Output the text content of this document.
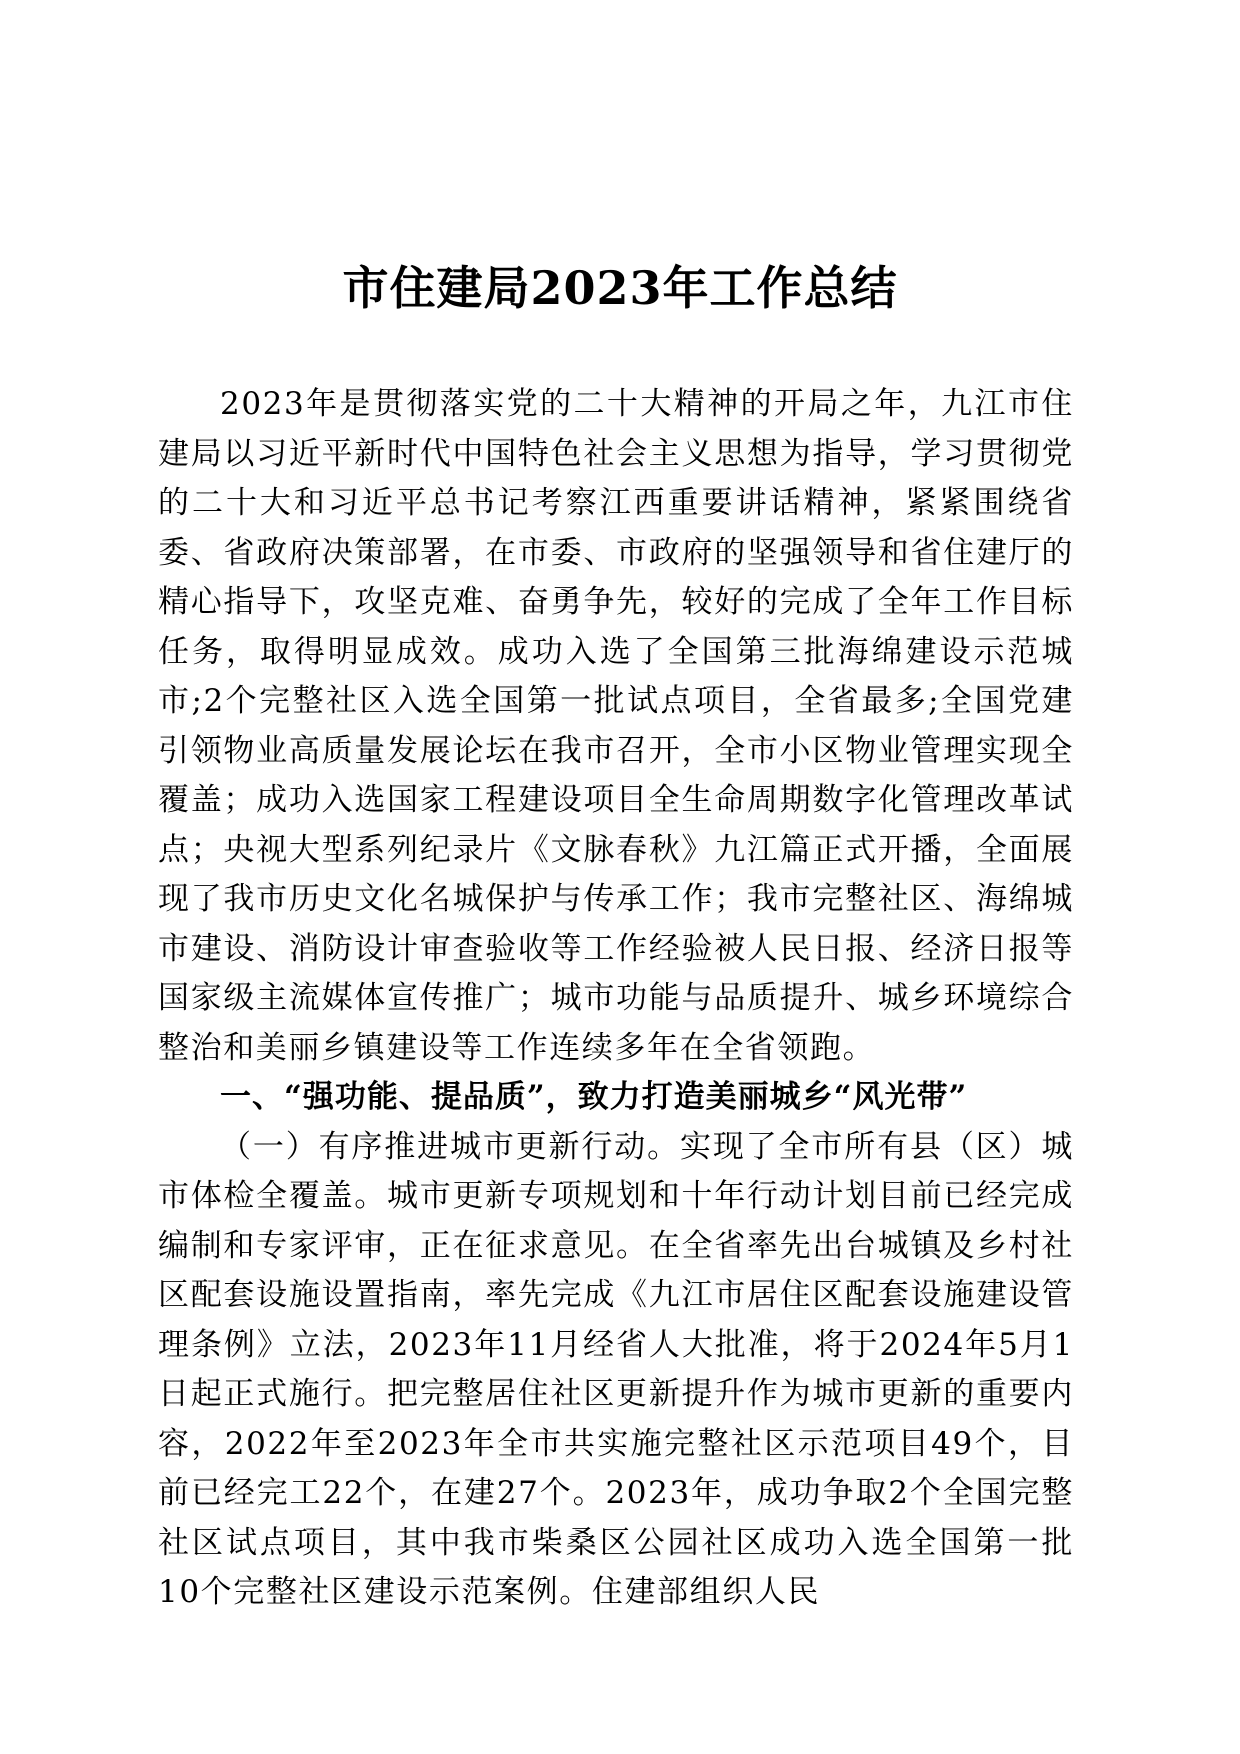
市住建局2023年工作总结

2023年是贯彻落实党的二十大精神的开局之年，九江市住建局以习近平新时代中国特色社会主义思想为指导，学习贯彻党的二十大和习近平总书记考察江西重要讲话精神，紧紧围绕省委、省政府决策部署，在市委、市政府的坚强领导和省住建厅的精心指导下，攻坚克难、奋勇争先，较好的完成了全年工作目标任务，取得明显成效。成功入选了全国第三批海绵建设示范城市;2个完整社区入选全国第一批试点项目，全省最多;全国党建引领物业高质量发展论坛在我市召开，全市小区物业管理实现全覆盖；成功入选国家工程建设项目全生命周期数字化管理改革试点；央视大型系列纪录片《文脉春秋》九江篇正式开播，全面展现了我市历史文化名城保护与传承工作；我市完整社区、海绵城市建设、消防设计审查验收等工作经验被人民日报、经济日报等国家级主流媒体宣传推广；城市功能与品质提升、城乡环境综合整治和美丽乡镇建设等工作连续多年在全省领跑。

一、“强功能、提品质”，致力打造美丽城乡“风光带”

（一）有序推进城市更新行动。实现了全市所有县（区）城市体检全覆盖。城市更新专项规划和十年行动计划目前已经完成编制和专家评审，正在征求意见。在全省率先出台城镇及乡村社区配套设施设置指南，率先完成《九江市居住区配套设施建设管理条例》立法，2023年11月经省人大批准，将于2024年5月1日起正式施行。把完整居住社区更新提升作为城市更新的重要内容，2022年至2023年全市共实施完整社区示范项目49个，目前已经完工22个，在建27个。2023年，成功争取2个全国完整社区试点项目，其中我市柴桑区公园社区成功入选全国第一批10个完整社区建设示范案例。住建部组织人民
